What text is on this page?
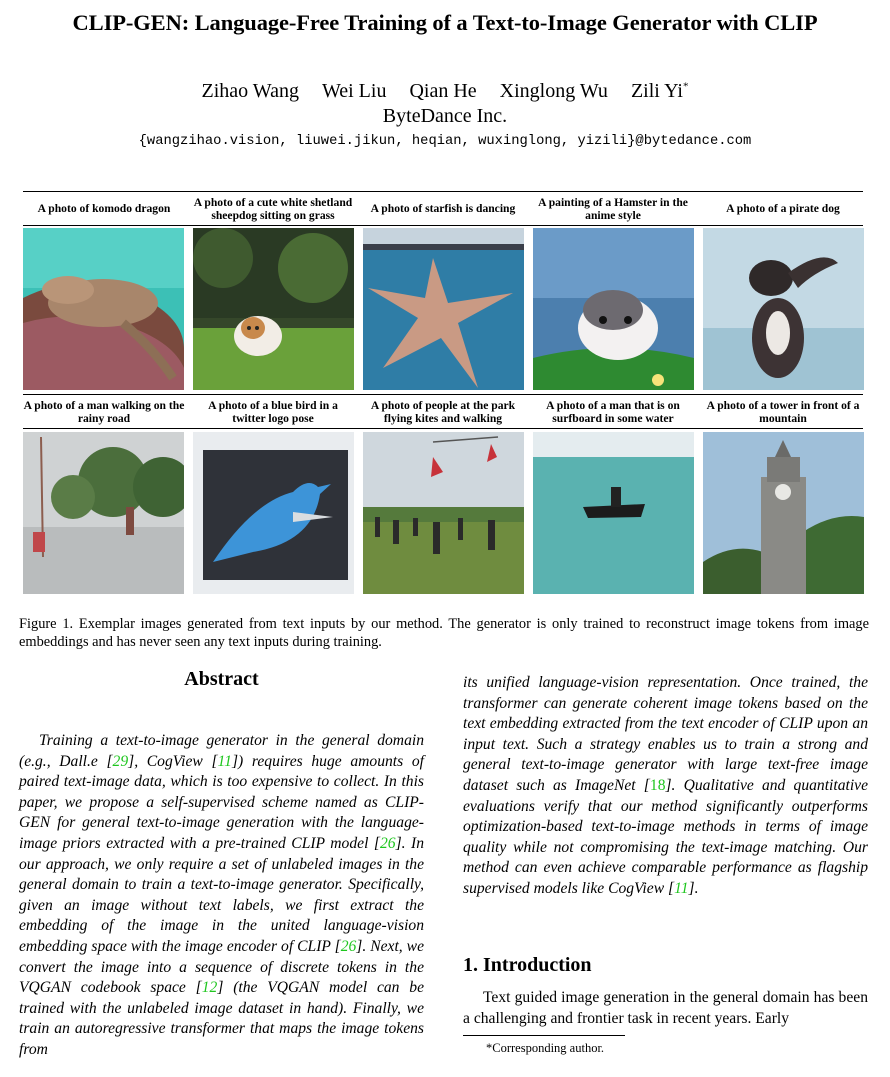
CLIP-GEN: Language-Free Training of a Text-to-Image Generator with CLIP
Zihao Wang Wei Liu Qian He Xinglong Wu Zili Yi*
ByteDance Inc.
{wangzihao.vision, liuwei.jikun, heqian, wuxinglong, yizili}@bytedance.com
A photo of komodo dragon	A photo of a cute white shetland sheepdog sitting on grass	A photo of starfish is dancing	A painting of a Hamster in the anime style	A photo of a pirate dog
A photo of a man walking on the rainy road
A photo of a blue bird in a twitter logo pose
A photo of people at the park flying kites and walking
A photo of a man that is on surfboard in some water
A photo of a tower in front of a mountain
Figure 1. Exemplar images generated from text inputs by our method. The generator is only trained to reconstruct image tokens from image embeddings and has never seen any text inputs during training.
Abstract
Training a text-to-image generator in the general domain (e.g., Dall.e [29], CogView [11]) requires huge amounts of paired text-image data, which is too expensive to collect. In this paper, we propose a self-supervised scheme named as CLIP-GEN for general text-to-image generation with the language-image priors extracted with a pre-trained CLIP model [26]. In our approach, we only require a set of unlabeled images in the general domain to train a text-to-image generator. Specifically, given an image without text labels, we first extract the embedding of the image in the united language-vision embedding space with the image encoder of CLIP [26]. Next, we convert the image into a sequence of discrete tokens in the VQGAN codebook space [12] (the VQGAN model can be trained with the unlabeled image dataset in hand). Finally, we train an autoregressive transformer that maps the image tokens from
its unified language-vision representation. Once trained, the transformer can generate coherent image tokens based on the text embedding extracted from the text encoder of CLIP upon an input text. Such a strategy enables us to train a strong and general text-to-image generator with large text-free image dataset such as ImageNet [18]. Qualitative and quantitative evaluations verify that our method significantly outperforms optimization-based text-to-image methods in terms of image quality while not compromising the text-image matching. Our method can even achieve comparable performance as flagship supervised models like CogView [11].
1. Introduction
Text guided image generation in the general domain has been a challenging and frontier task in recent years. Early
*Corresponding author.
